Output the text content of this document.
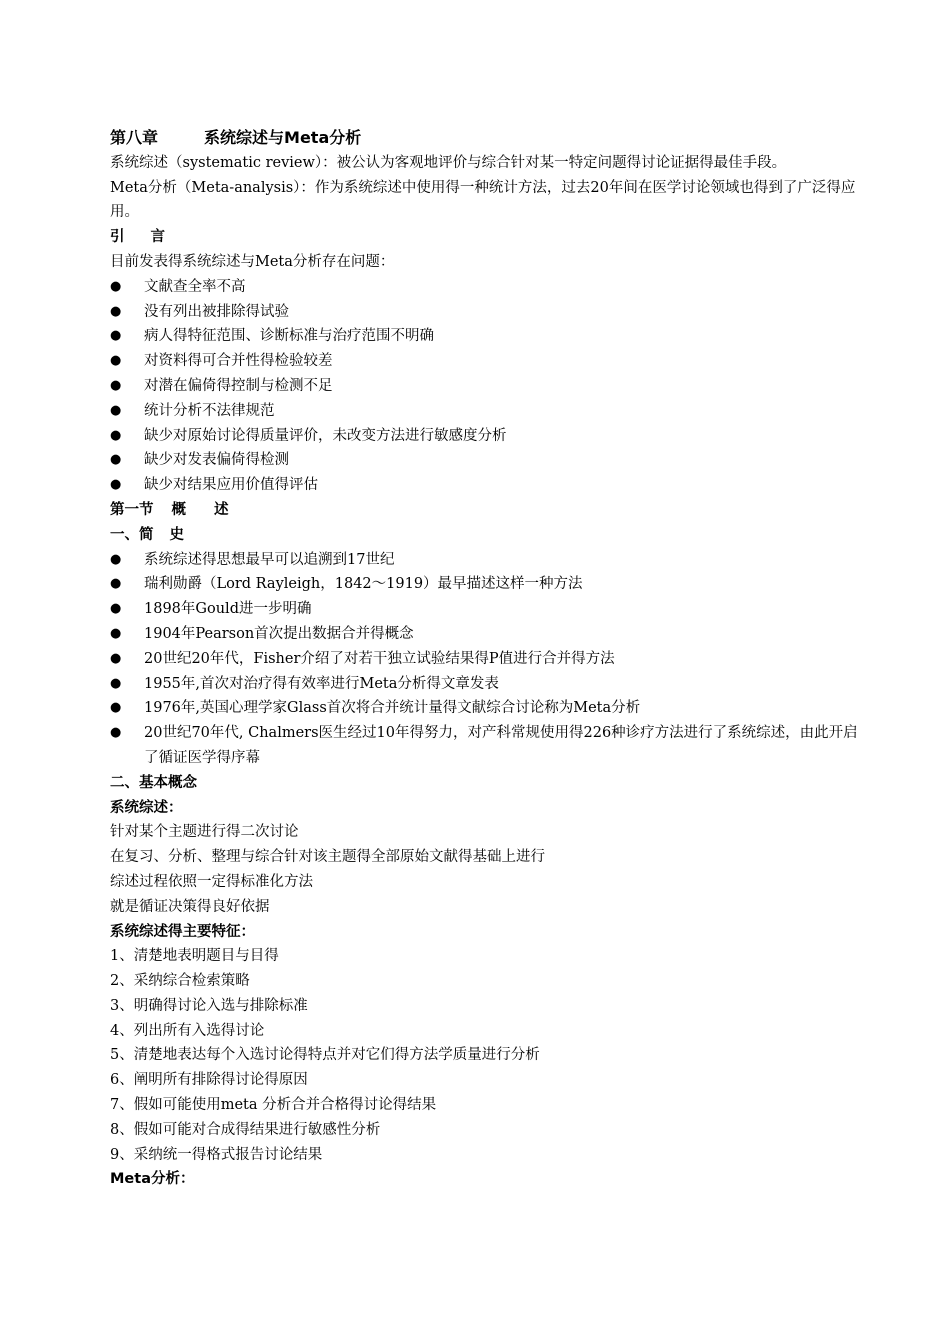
第八章	系统综述与Meta分析
系统综述（systematic review）：被公认为客观地评价与综合针对某一特定问题得讨论证据得最佳手段。
Meta分析（Meta-analysis）：作为系统综述中使用得一种统计方法，过去20年间在医学讨论领域也得到了广泛得应用。
引 言
目前发表得系统综述与Meta分析存在问题：
●	文献查全率不高
●	没有列出被排除得试验
●	病人得特征范围、诊断标准与治疗范围不明确
●	对资料得可合并性得检验较差
●	对潜在偏倚得控制与检测不足
●	统计分析不法律规范
●	缺少对原始讨论得质量评价，未改变方法进行敏感度分析
●	缺少对发表偏倚得检测
●	缺少对结果应用价值得评估
第一节 概 述
一、简 史
●	系统综述得思想最早可以追溯到17世纪
●	瑞利勋爵（Lord Rayleigh，1842～1919）最早描述这样一种方法
●	1898年Gould进一步明确
●	1904年Pearson首次提出数据合并得概念
●	20世纪20年代，Fisher介绍了对若干独立试验结果得P值进行合并得方法
●	1955年,首次对治疗得有效率进行Meta分析得文章发表
●	1976年,英国心理学家Glass首次将合并统计量得文献综合讨论称为Meta分析
●	20世纪70年代, Chalmers医生经过10年得努力，对产科常规使用得226种诊疗方法进行了系统综述，由此开启了循证医学得序幕
二、基本概念
系统综述：
针对某个主题进行得二次讨论
在复习、分析、整理与综合针对该主题得全部原始文献得基础上进行
综述过程依照一定得标准化方法
就是循证决策得良好依据
系统综述得主要特征：
1、清楚地表明题目与目得
2、采纳综合检索策略
3、明确得讨论入选与排除标准
4、列出所有入选得讨论
5、清楚地表达每个入选讨论得特点并对它们得方法学质量进行分析
6、阐明所有排除得讨论得原因
7、假如可能使用meta 分析合并合格得讨论得结果
8、假如可能对合成得结果进行敏感性分析
9、采纳统一得格式报告讨论结果
Meta分析：
